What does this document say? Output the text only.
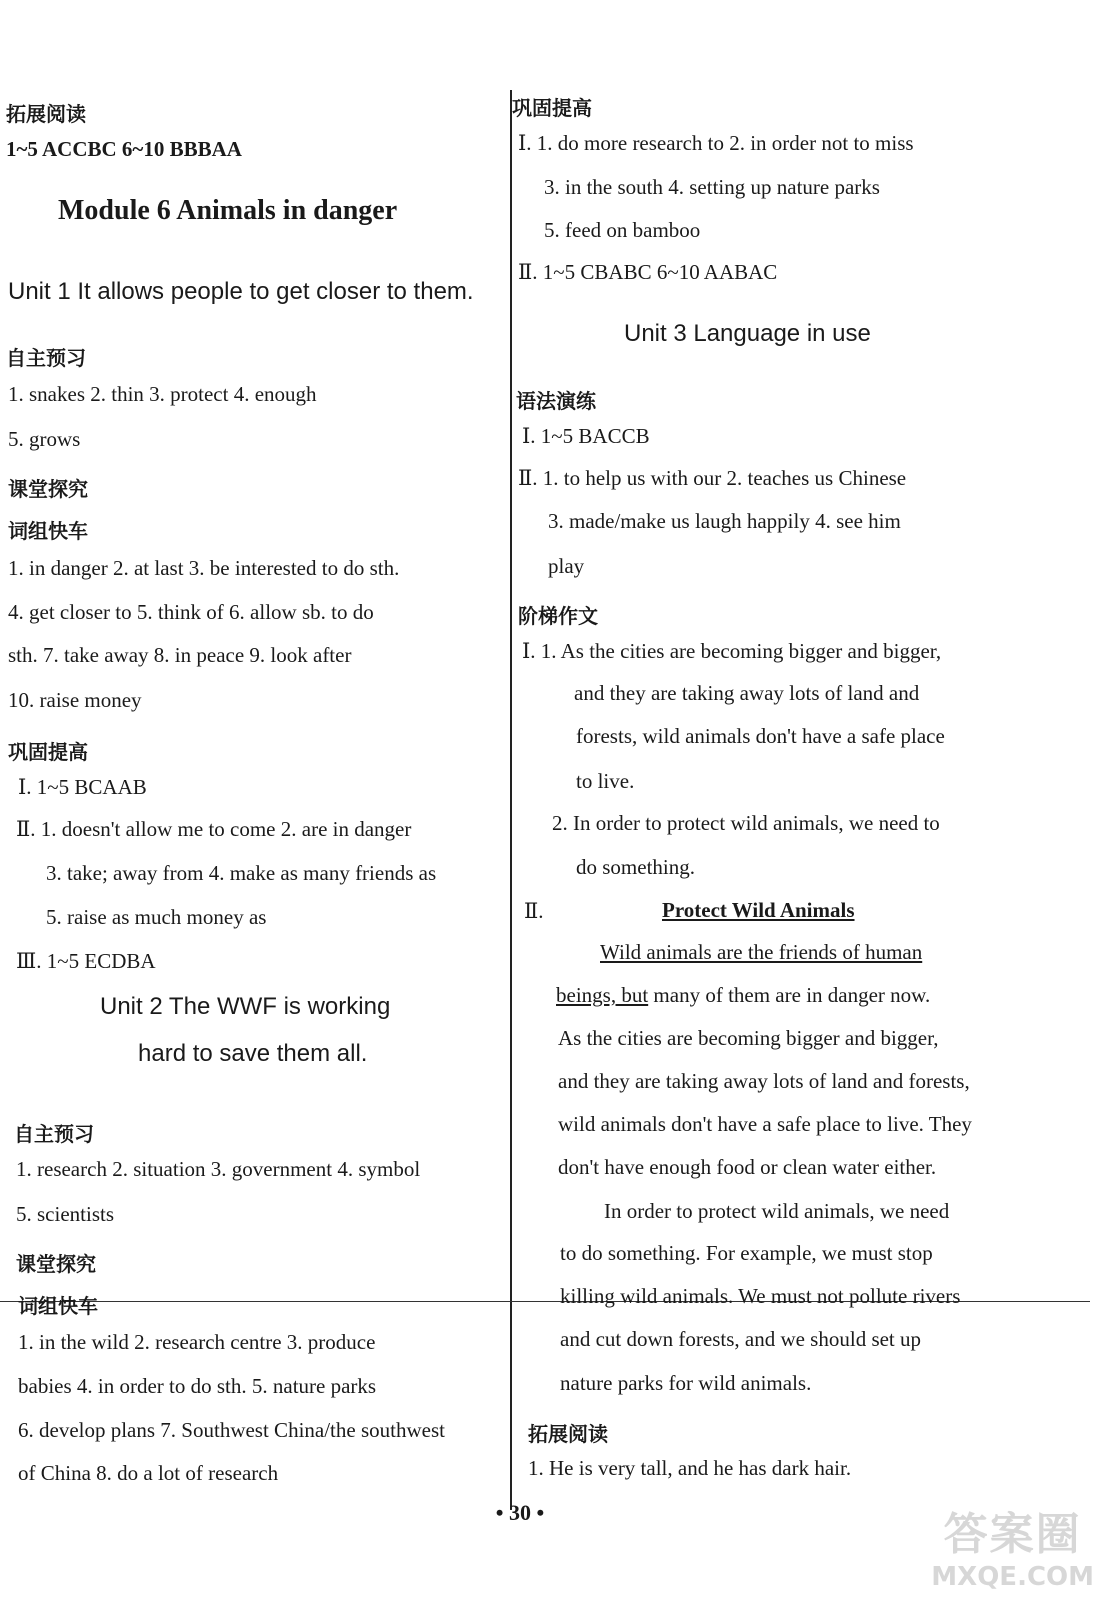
拓展阅读
1~5 ACCBC 6~10 BBBAA
Module 6 Animals in danger
Unit 1 It allows people to get closer to them.
自主预习
1. snakes 2. thin 3. protect 4. enough
5. grows
课堂探究
词组快车
1. in danger 2. at last 3. be interested to do sth.
4. get closer to 5. think of 6. allow sb. to do
sth. 7. take away 8. in peace 9. look after
10. raise money
巩固提高
Ⅰ. 1~5 BCAAB
Ⅱ. 1. doesn't allow me to come 2. are in danger
3. take; away from 4. make as many friends as
5. raise as much money as
Ⅲ. 1~5 ECDBA
Unit 2 The WWF is working
hard to save them all.
自主预习
1. research 2. situation 3. government 4. symbol
5. scientists
课堂探究
词组快车
1. in the wild 2. research centre 3. produce
babies 4. in order to do sth. 5. nature parks
6. develop plans 7. Southwest China/the southwest
of China 8. do a lot of research
巩固提高
Ⅰ. 1. do more research to 2. in order not to miss
3. in the south 4. setting up nature parks
5. feed on bamboo
Ⅱ. 1~5 CBABC 6~10 AABAC
Unit 3 Language in use
语法演练
Ⅰ. 1~5 BACCB
Ⅱ. 1. to help us with our 2. teaches us Chinese
3. made/make us laugh happily 4. see him
play
阶梯作文
Ⅰ. 1. As the cities are becoming bigger and bigger,
and they are taking away lots of land and
forests, wild animals don't have a safe place
to live.
2. In order to protect wild animals, we need to
do something.
Ⅱ.	Protect Wild Animals
Wild animals are the friends of human
beings, but many of them are in danger now.
As the cities are becoming bigger and bigger,
and they are taking away lots of land and forests,
wild animals don't have a safe place to live. They
don't have enough food or clean water either.
In order to protect wild animals, we need
to do something. For example, we must stop
killing wild animals. We must not pollute rivers
and cut down forests, and we should set up
nature parks for wild animals.
拓展阅读
1. He is very tall, and he has dark hair.
• 30 •	答案圈
MXQE.COM
